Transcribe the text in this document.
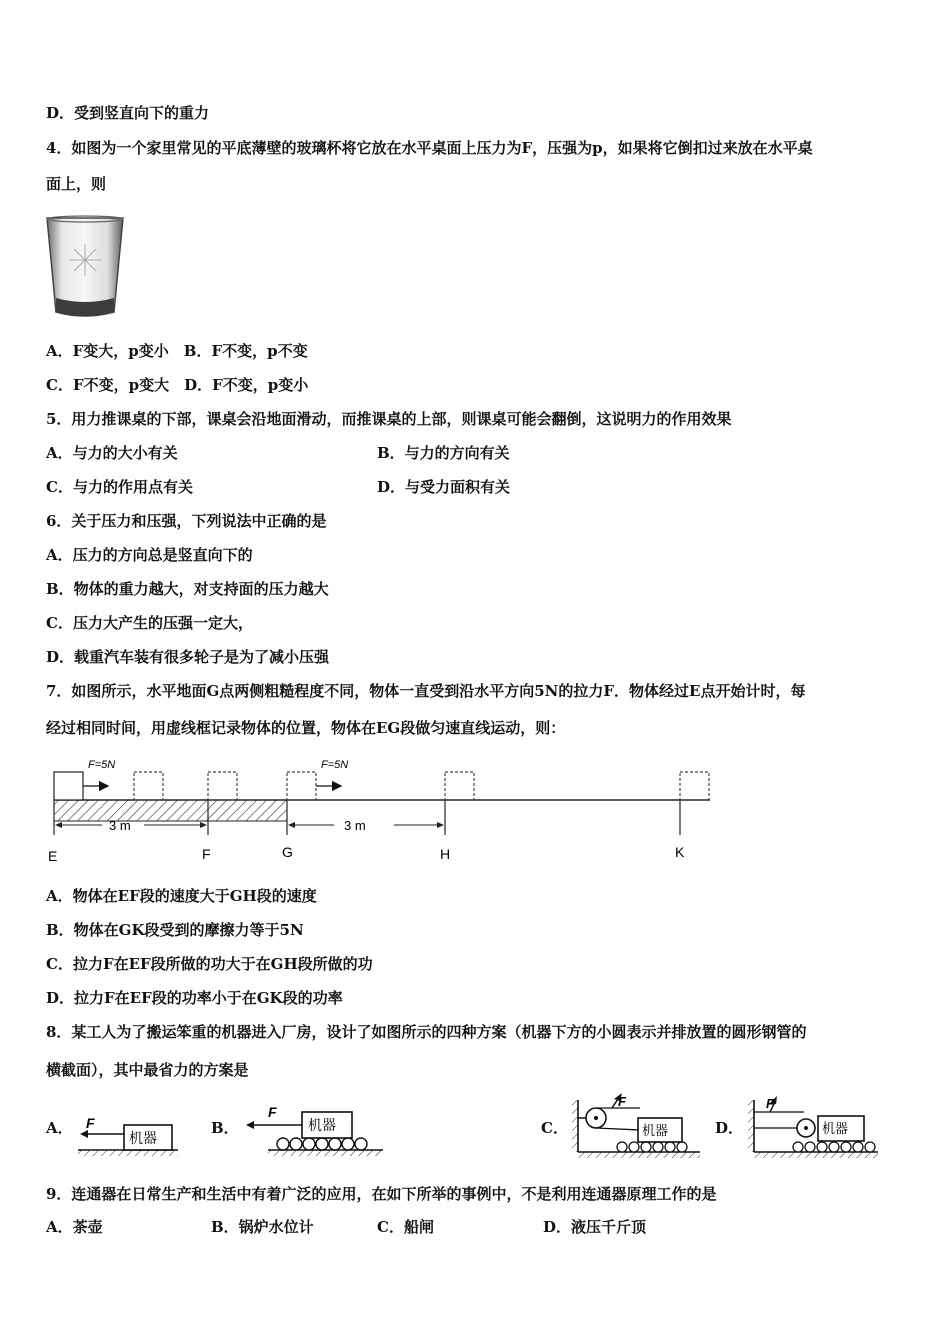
D．受到竖直向下的重力
4．如图为一个家里常见的平底薄壁的玻璃杯将它放在水平桌面上压力为F，压强为p，如果将它倒扣过来放在水平桌
面上，则
A．F变大，p变小  B．F不变，p不变
C．F不变，p变大  D．F不变，p变小
5．用力推课桌的下部，课桌会沿地面滑动，而推课桌的上部，则课桌可能会翻倒，这说明力的作用效果
A．与力的大小有关	B．与力的方向有关
C．与力的作用点有关	D．与受力面积有关
6．关于压力和压强，下列说法中正确的是
A．压力的方向总是竖直向下的
B．物体的重力越大，对支持面的压力越大
C．压力大产生的压强一定大，
D．载重汽车装有很多轮子是为了减小压强
7．如图所示，水平地面G点两侧粗糙程度不同，物体一直受到沿水平方向5N的拉力F．物体经过E点开始计时，每
经过相同时间，用虚线框记录物体的位置，物体在EG段做匀速直线运动，则：
F=5N	F=5N
3 m	3 m
E	F	G	H	K
A．物体在EF段的速度大于GH段的速度
B．物体在GK段受到的摩擦力等于5N
C．拉力F在EF段所做的功大于在GH段所做的功
D．拉力F在EF段的功率小于在GK段的功率
8．某工人为了搬运笨重的机器进入厂房，设计了如图所示的四种方案（机器下方的小圆表示并排放置的圆形钢管的
横截面），其中最省力的方案是
A．	B．	C．	D．
机器
F	机器
F
F
机器
F
机器
9．连通器在日常生产和生活中有着广泛的应用，在如下所举的事例中，不是利用连通器原理工作的是
A．茶壶	B．锅炉水位计	C．船闸	D．液压千斤顶
